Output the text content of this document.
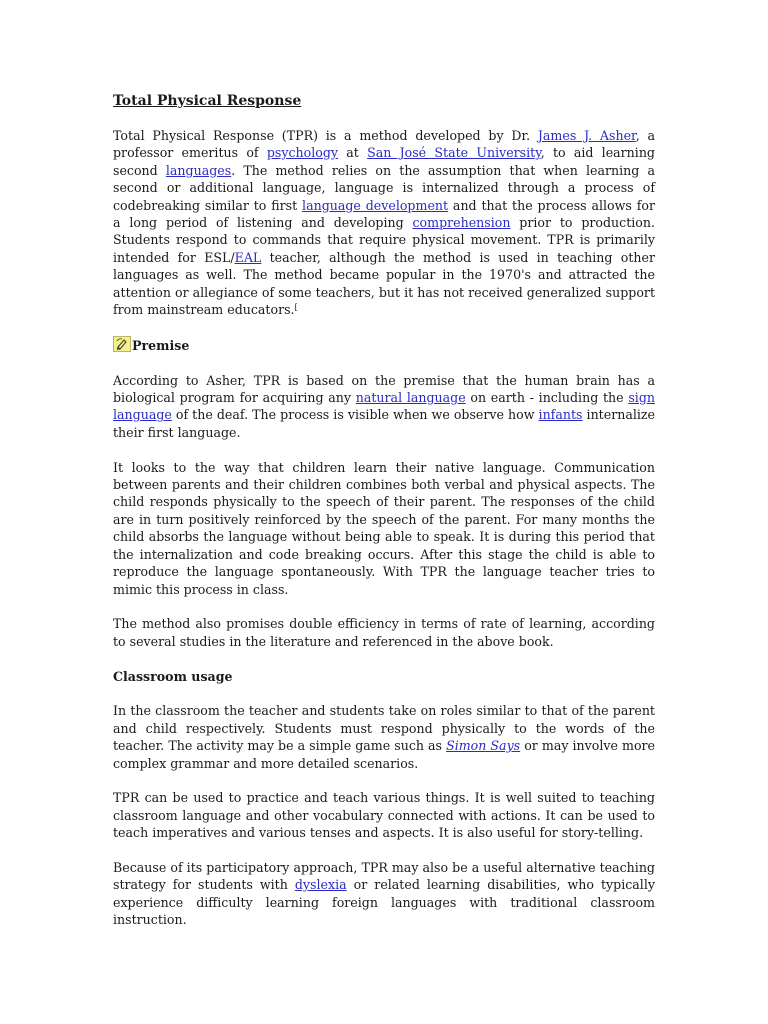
Total Physical Response

Total Physical Response (TPR) is a method developed by Dr. James J. Asher, a professor emeritus of psychology at San José State University, to aid learning second languages. The method relies on the assumption that when learning a second or additional language, language is internalized through a process of codebreaking similar to first language development and that the process allows for a long period of listening and developing comprehension prior to production. Students respond to commands that require physical movement. TPR is primarily intended for ESL/EAL teacher, although the method is used in teaching other languages as well. The method became popular in the 1970's and attracted the attention or allegiance of some teachers, but it has not received generalized support from mainstream educators.[

Premise

According to Asher, TPR is based on the premise that the human brain has a biological program for acquiring any natural language on earth - including the sign language of the deaf. The process is visible when we observe how infants internalize their first language.

It looks to the way that children learn their native language. Communication between parents and their children combines both verbal and physical aspects. The child responds physically to the speech of their parent. The responses of the child are in turn positively reinforced by the speech of the parent. For many months the child absorbs the language without being able to speak. It is during this period that the internalization and code breaking occurs. After this stage the child is able to reproduce the language spontaneously. With TPR the language teacher tries to mimic this process in class.

The method also promises double efficiency in terms of rate of learning, according to several studies in the literature and referenced in the above book.

Classroom usage

In the classroom the teacher and students take on roles similar to that of the parent and child respectively. Students must respond physically to the words of the teacher. The activity may be a simple game such as Simon Says or may involve more complex grammar and more detailed scenarios.

TPR can be used to practice and teach various things. It is well suited to teaching classroom language and other vocabulary connected with actions. It can be used to teach imperatives and various tenses and aspects. It is also useful for story-telling.

Because of its participatory approach, TPR may also be a useful alternative teaching strategy for students with dyslexia or related learning disabilities, who typically experience difficulty learning foreign languages with traditional classroom instruction.
